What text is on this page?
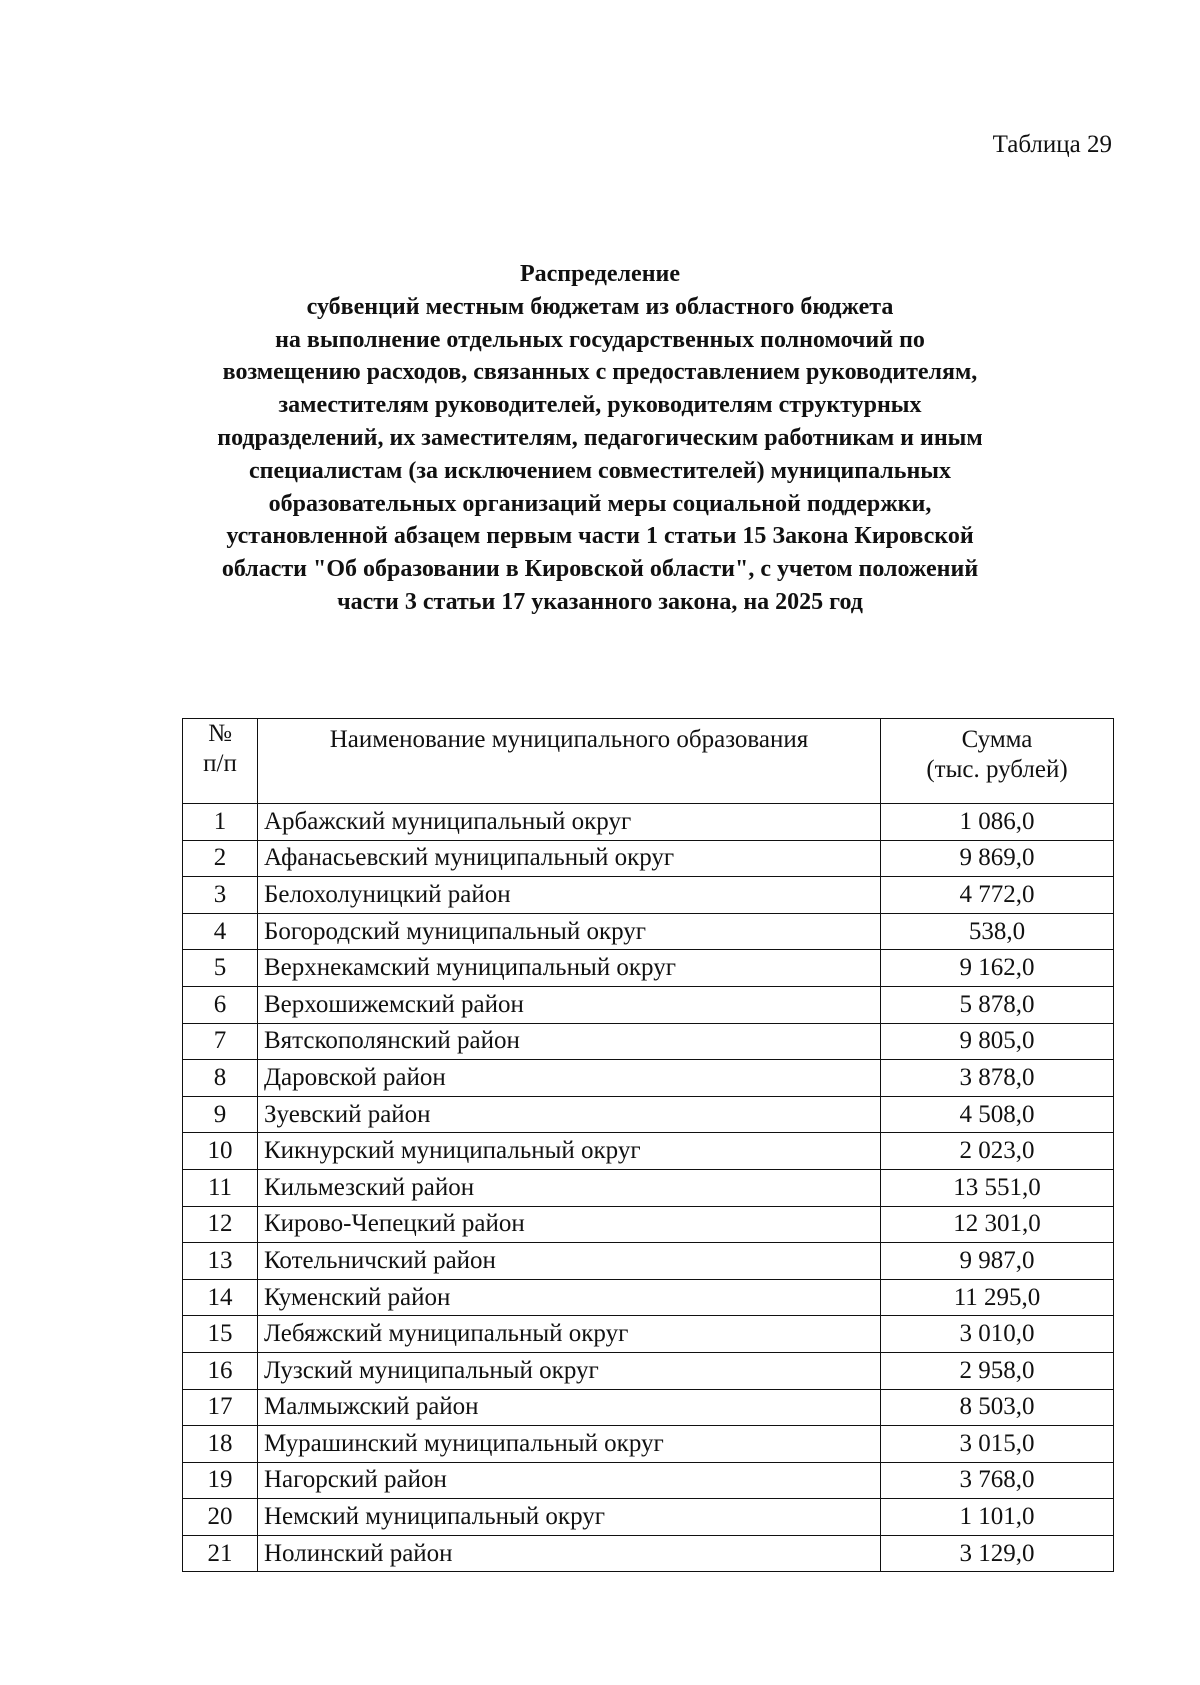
Таблица 29
Распределение
субвенций местным бюджетам из областного бюджета
на выполнение отдельных государственных полномочий по
возмещению расходов, связанных с предоставлением руководителям,
заместителям руководителей, руководителям структурных
подразделений, их заместителям, педагогическим работникам и иным
специалистам (за исключением совместителей) муниципальных
образовательных организаций меры социальной поддержки,
установленной абзацем первым части 1 статьи 15 Закона Кировской
области "Об образовании в Кировской области", с учетом положений
части 3 статьи 17 указанного закона, на 2025 год
№
п/п	Наименование муниципального образования	Сумма
(тыс. рублей)

1	Арбажский муниципальный округ	1 086,0
2	Афанасьевский муниципальный округ	9 869,0
3	Белохолуницкий район	4 772,0
4	Богородский муниципальный округ	538,0
5	Верхнекамский муниципальный округ	9 162,0
6	Верхошижемский район	5 878,0
7	Вятскополянский район	9 805,0
8	Даровской район	3 878,0
9	Зуевский район	4 508,0
10	Кикнурский муниципальный округ	2 023,0
11	Кильмезский район	13 551,0
12	Кирово-Чепецкий район	12 301,0
13	Котельничский район	9 987,0
14	Куменский район	11 295,0
15	Лебяжский муниципальный округ	3 010,0
16	Лузский муниципальный округ	2 958,0
17	Малмыжский район	8 503,0
18	Мурашинский муниципальный округ	3 015,0
19	Нагорский район	3 768,0
20	Немский муниципальный округ	1 101,0
21	Нолинский район	3 129,0
